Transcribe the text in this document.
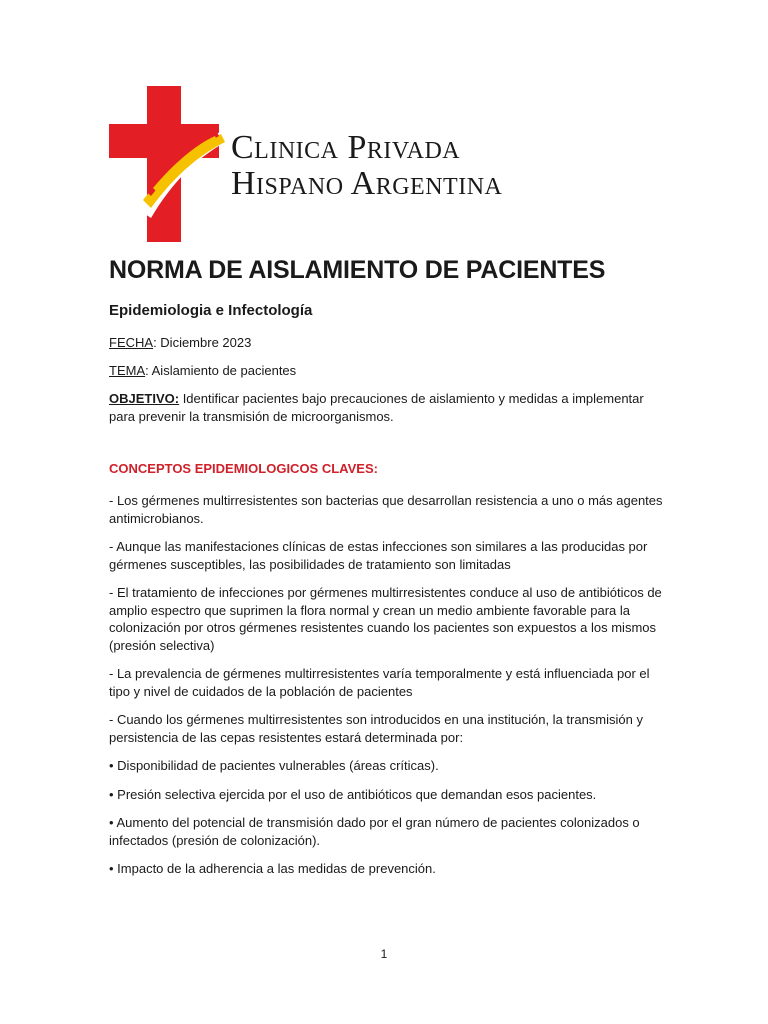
Clinica Privada
Hispano Argentina
NORMA DE AISLAMIENTO DE PACIENTES

Epidemiologia e Infectología

FECHA: Diciembre 2023

TEMA: Aislamiento de pacientes

OBJETIVO: Identificar pacientes bajo precauciones de aislamiento y medidas a implementar para prevenir la transmisión de microorganismos.

CONCEPTOS EPIDEMIOLOGICOS CLAVES:

- Los gérmenes multirresistentes son bacterias que desarrollan resistencia a uno o más agentes antimicrobianos.

- Aunque las manifestaciones clínicas de estas infecciones son similares a las producidas por gérmenes susceptibles, las posibilidades de tratamiento son limitadas

- El tratamiento de infecciones por gérmenes multirresistentes conduce al uso de antibióticos de amplio espectro que suprimen la flora normal y crean un medio ambiente favorable para la colonización por otros gérmenes resistentes cuando los pacientes son expuestos a los mismos (presión selectiva)

- La prevalencia de gérmenes multirresistentes varía temporalmente y está influenciada por el tipo y nivel de cuidados de la población de pacientes

- Cuando los gérmenes multirresistentes son introducidos en una institución, la transmisión y persistencia de las cepas resistentes estará determinada por:

• Disponibilidad de pacientes vulnerables (áreas críticas).

• Presión selectiva ejercida por el uso de antibióticos que demandan esos pacientes.

• Aumento del potencial de transmisión dado por el gran número de pacientes colonizados o infectados (presión de colonización).

• Impacto de la adherencia a las medidas de prevención.

1
